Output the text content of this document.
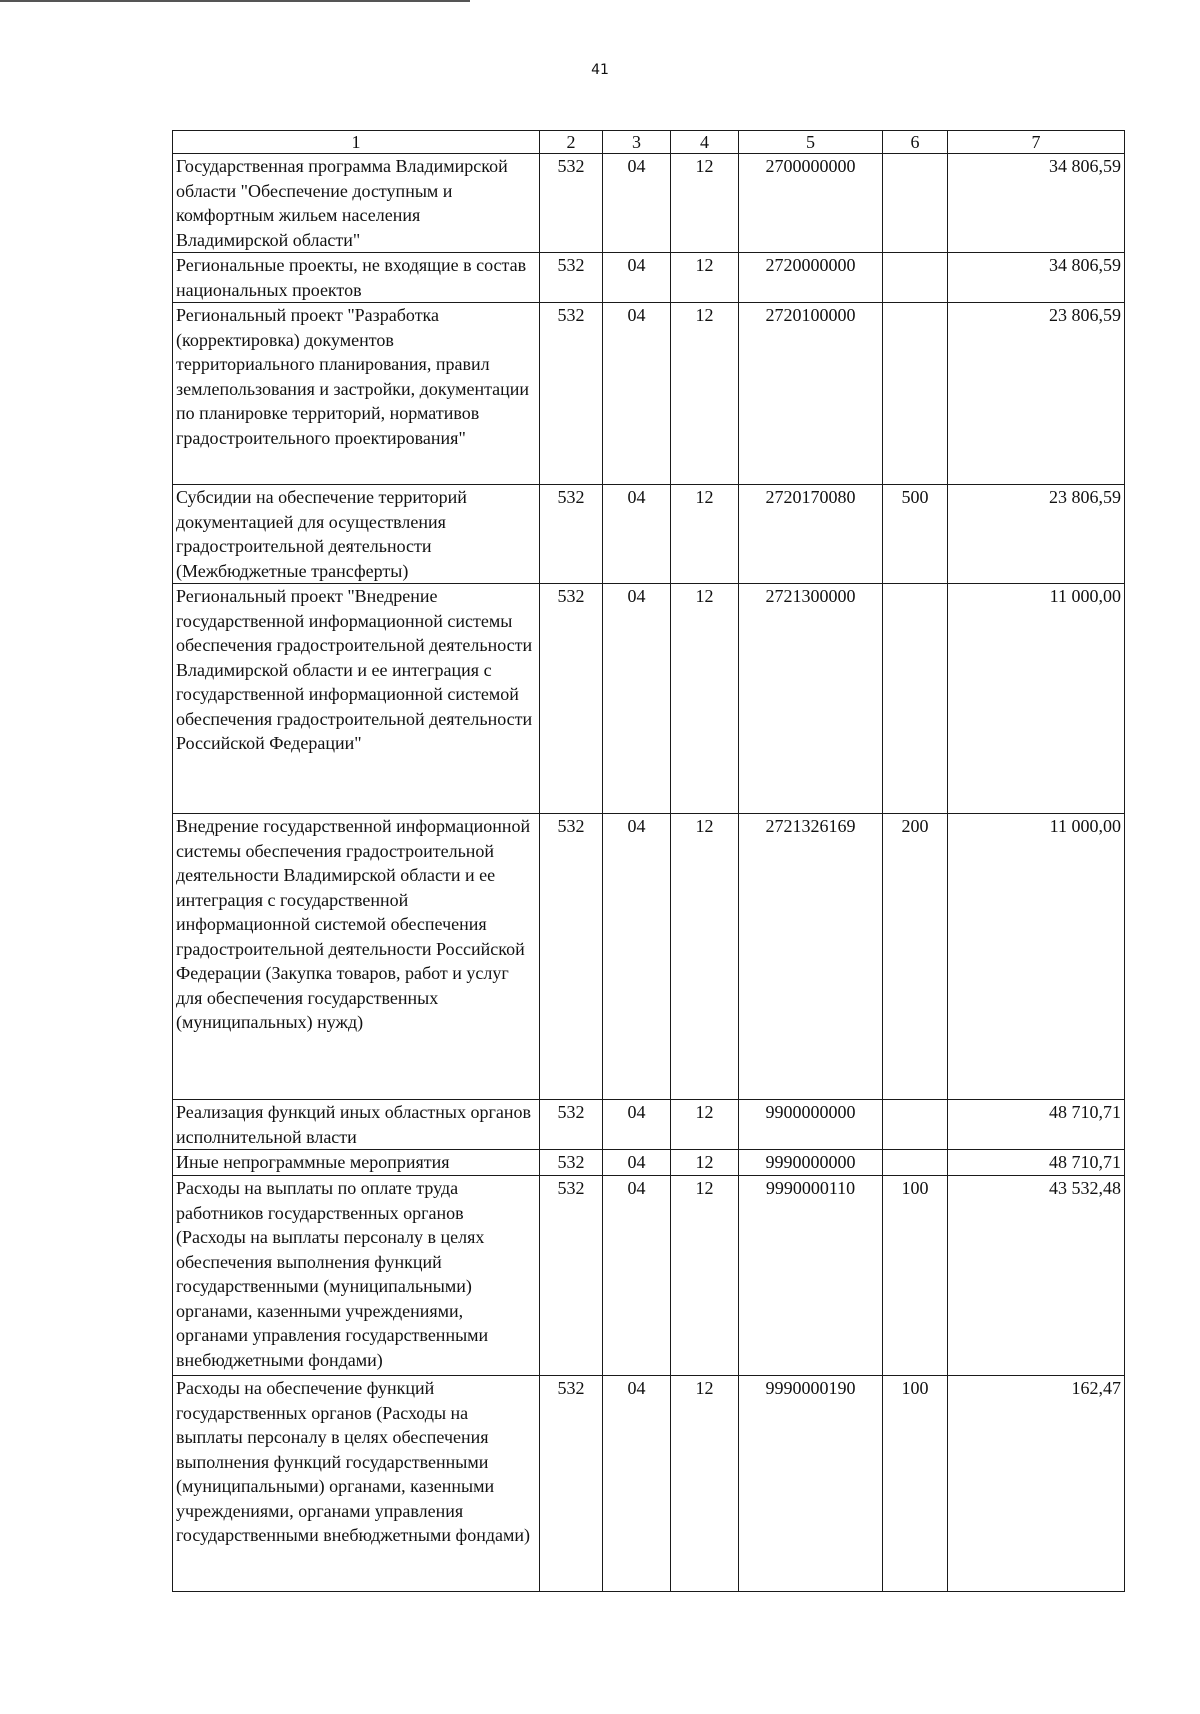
41
1	2	3	4	5	6	7
Государственная программа Владимирской области "Обеспечение доступным и комфортным жильем населения Владимирской области"	532	04	12	2700000000		34 806,59
Региональные проекты, не входящие в состав национальных проектов	532	04	12	2720000000		34 806,59
Региональный проект "Разработка (корректировка) документов территориального планирования, правил землепользования и застройки, документации по планировке территорий, нормативов градостроительного проектирования"	532	04	12	2720100000		23 806,59
Субсидии на обеспечение территорий документацией для осуществления градостроительной деятельности (Межбюджетные трансферты)	532	04	12	2720170080	500	23 806,59
Региональный проект "Внедрение государственной информационной системы обеспечения градостроительной деятельности Владимирской области и ее интеграция с государственной информационной системой обеспечения градостроительной деятельности Российской Федерации"	532	04	12	2721300000		11 000,00
Внедрение государственной информационной системы обеспечения градостроительной деятельности Владимирской области и ее интеграция с государственной информационной системой обеспечения градостроительной деятельности Российской Федерации (Закупка товаров, работ и услуг для обеспечения государственных (муниципальных) нужд)	532	04	12	2721326169	200	11 000,00
Реализация функций иных областных органов исполнительной власти	532	04	12	9900000000		48 710,71
Иные непрограммные мероприятия	532	04	12	9990000000		48 710,71
Расходы на выплаты по оплате труда работников государственных органов (Расходы на выплаты персоналу в целях обеспечения выполнения функций государственными (муниципальными) органами, казенными учреждениями, органами управления государственными внебюджетными фондами)	532	04	12	9990000110	100	43 532,48
Расходы на обеспечение функций государственных органов (Расходы на выплаты персоналу в целях обеспечения выполнения функций государственными (муниципальными) органами, казенными учреждениями, органами управления государственными внебюджетными фондами)	532	04	12	9990000190	100	162,47
